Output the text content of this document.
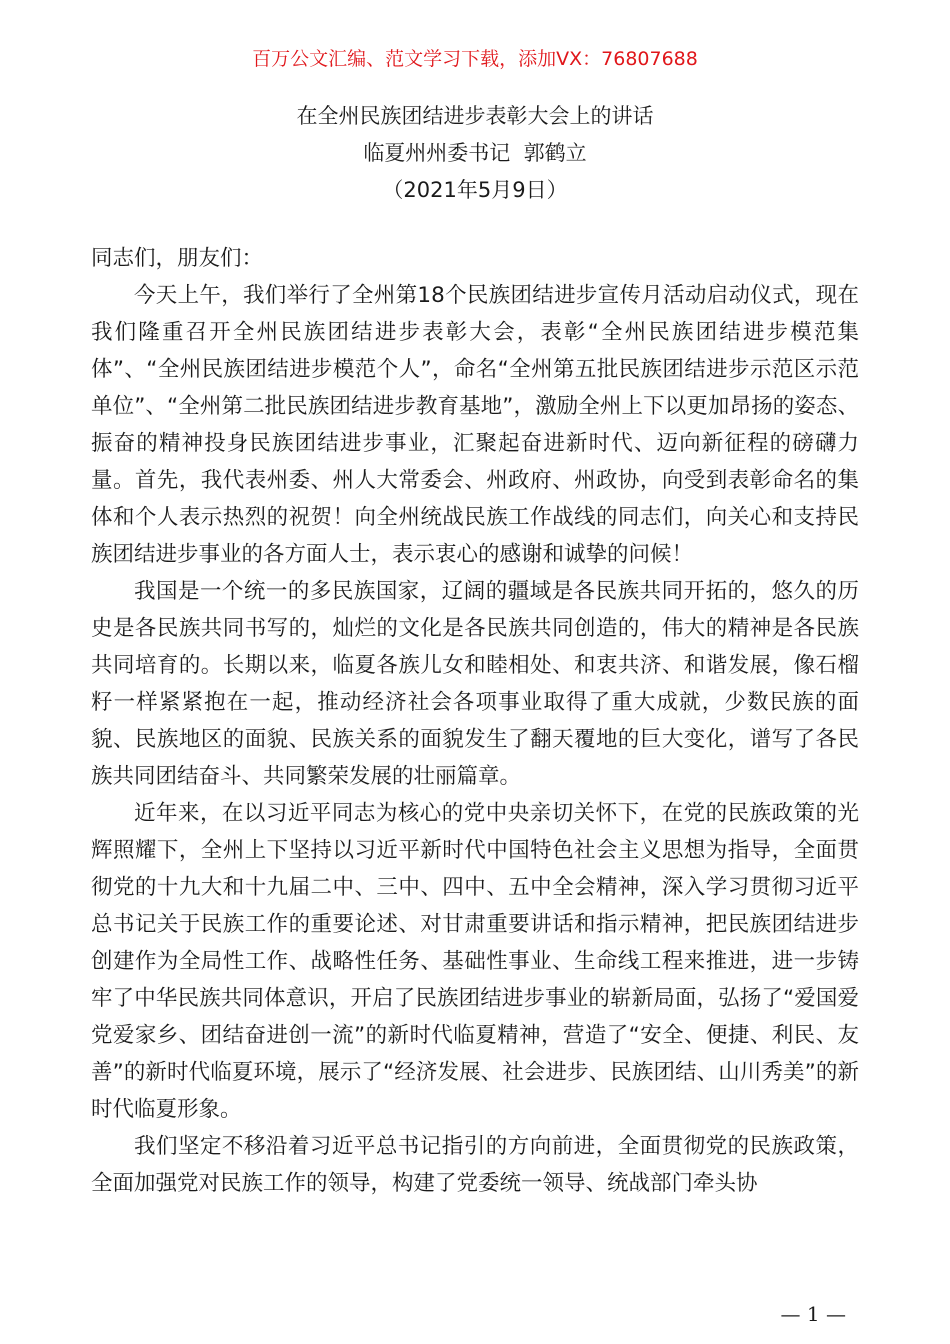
百万公文汇编、范文学习下载，添加VX：76807688
在全州民族团结进步表彰大会上的讲话
临夏州州委书记  郭鹤立
（2021年5月9日）

同志们，朋友们：

今天上午，我们举行了全州第18个民族团结进步宣传月活动启动仪式，现在我们隆重召开全州民族团结进步表彰大会，表彰“全州民族团结进步模范集体”、“全州民族团结进步模范个人”，命名“全州第五批民族团结进步示范区示范单位”、“全州第二批民族团结进步教育基地”，激励全州上下以更加昂扬的姿态、振奋的精神投身民族团结进步事业，汇聚起奋进新时代、迈向新征程的磅礴力量。首先，我代表州委、州人大常委会、州政府、州政协，向受到表彰命名的集体和个人表示热烈的祝贺！向全州统战民族工作战线的同志们，向关心和支持民族团结进步事业的各方面人士，表示衷心的感谢和诚挚的问候！

我国是一个统一的多民族国家，辽阔的疆域是各民族共同开拓的，悠久的历史是各民族共同书写的，灿烂的文化是各民族共同创造的，伟大的精神是各民族共同培育的。长期以来，临夏各族儿女和睦相处、和衷共济、和谐发展，像石榴籽一样紧紧抱在一起，推动经济社会各项事业取得了重大成就，少数民族的面貌、民族地区的面貌、民族关系的面貌发生了翻天覆地的巨大变化，谱写了各民族共同团结奋斗、共同繁荣发展的壮丽篇章。

近年来，在以习近平同志为核心的党中央亲切关怀下，在党的民族政策的光辉照耀下，全州上下坚持以习近平新时代中国特色社会主义思想为指导，全面贯彻党的十九大和十九届二中、三中、四中、五中全会精神，深入学习贯彻习近平总书记关于民族工作的重要论述、对甘肃重要讲话和指示精神，把民族团结进步创建作为全局性工作、战略性任务、基础性事业、生命线工程来推进，进一步铸牢了中华民族共同体意识，开启了民族团结进步事业的崭新局面，弘扬了“爱国爱党爱家乡、团结奋进创一流”的新时代临夏精神，营造了“安全、便捷、利民、友善”的新时代临夏环境，展示了“经济发展、社会进步、民族团结、山川秀美”的新时代临夏形象。

我们坚定不移沿着习近平总书记指引的方向前进，全面贯彻党的民族政策，全面加强党对民族工作的领导，构建了党委统一领导、统战部门牵头协

— 1 —
